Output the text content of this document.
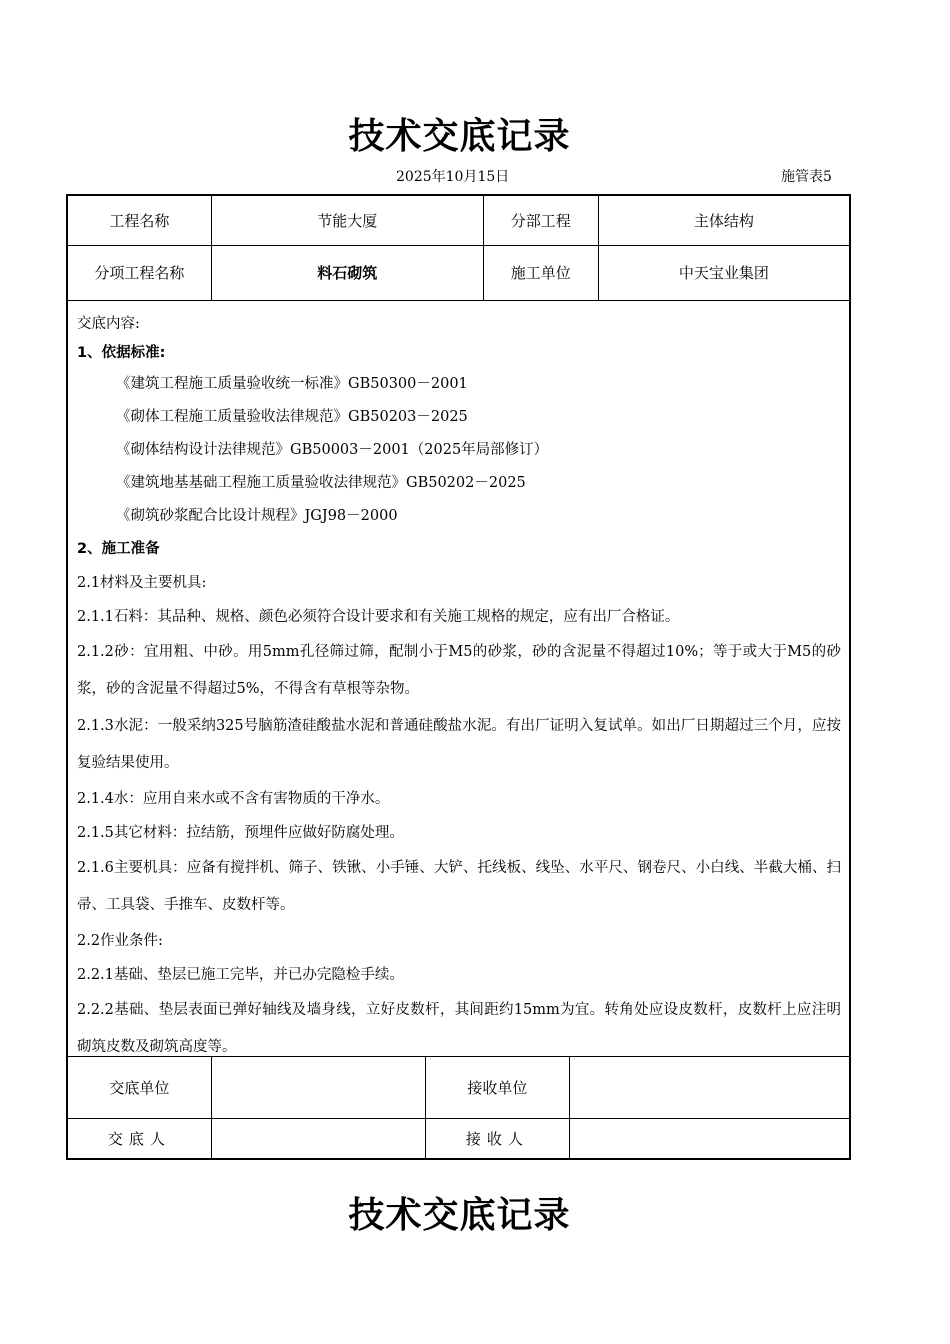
技术交底记录
2025年10月15日	施管表5
工程名称	节能大厦	分部工程	主体结构
分项工程名称	料石砌筑	施工单位	中天宝业集团

交底内容:

1、依据标准:

《建筑工程施工质量验收统一标准》GB50300－2001

《砌体工程施工质量验收法律规范》GB50203－2025

《砌体结构设计法律规范》GB50003－2001（2025年局部修订）

《建筑地基基础工程施工质量验收法律规范》GB50202－2025

《砌筑砂浆配合比设计规程》JGJ98－2000

2、施工准备

2.1材料及主要机具:

2.1.1石料：其品种、规格、颜色必须符合设计要求和有关施工规格的规定，应有出厂合格证。

2.1.2砂：宜用粗、中砂。用5mm孔径筛过筛，配制小于M5的砂浆，砂的含泥量不得超过10%；等于或大于M5的砂浆，砂的含泥量不得超过5%，不得含有草根等杂物。

2.1.3水泥：一般采纳325号脑筋渣硅酸盐水泥和普通硅酸盐水泥。有出厂证明入复试单。如出厂日期超过三个月，应按复验结果使用。

2.1.4水：应用自来水或不含有害物质的干净水。

2.1.5其它材料：拉结筋，预埋件应做好防腐处理。

2.1.6主要机具：应备有搅拌机、筛子、铁锹、小手锤、大铲、托线板、线坠、水平尺、钢卷尺、小白线、半截大桶、扫帚、工具袋、手推车、皮数杆等。

2.2作业条件:

2.2.1基础、垫层已施工完毕，并已办完隐检手续。

2.2.2基础、垫层表面已弹好轴线及墙身线，立好皮数杆，其间距约15mm为宜。转角处应设皮数杆，皮数杆上应注明砌筑皮数及砌筑高度等。

交底单位	接收单位
交底人	接收人
技术交底记录
